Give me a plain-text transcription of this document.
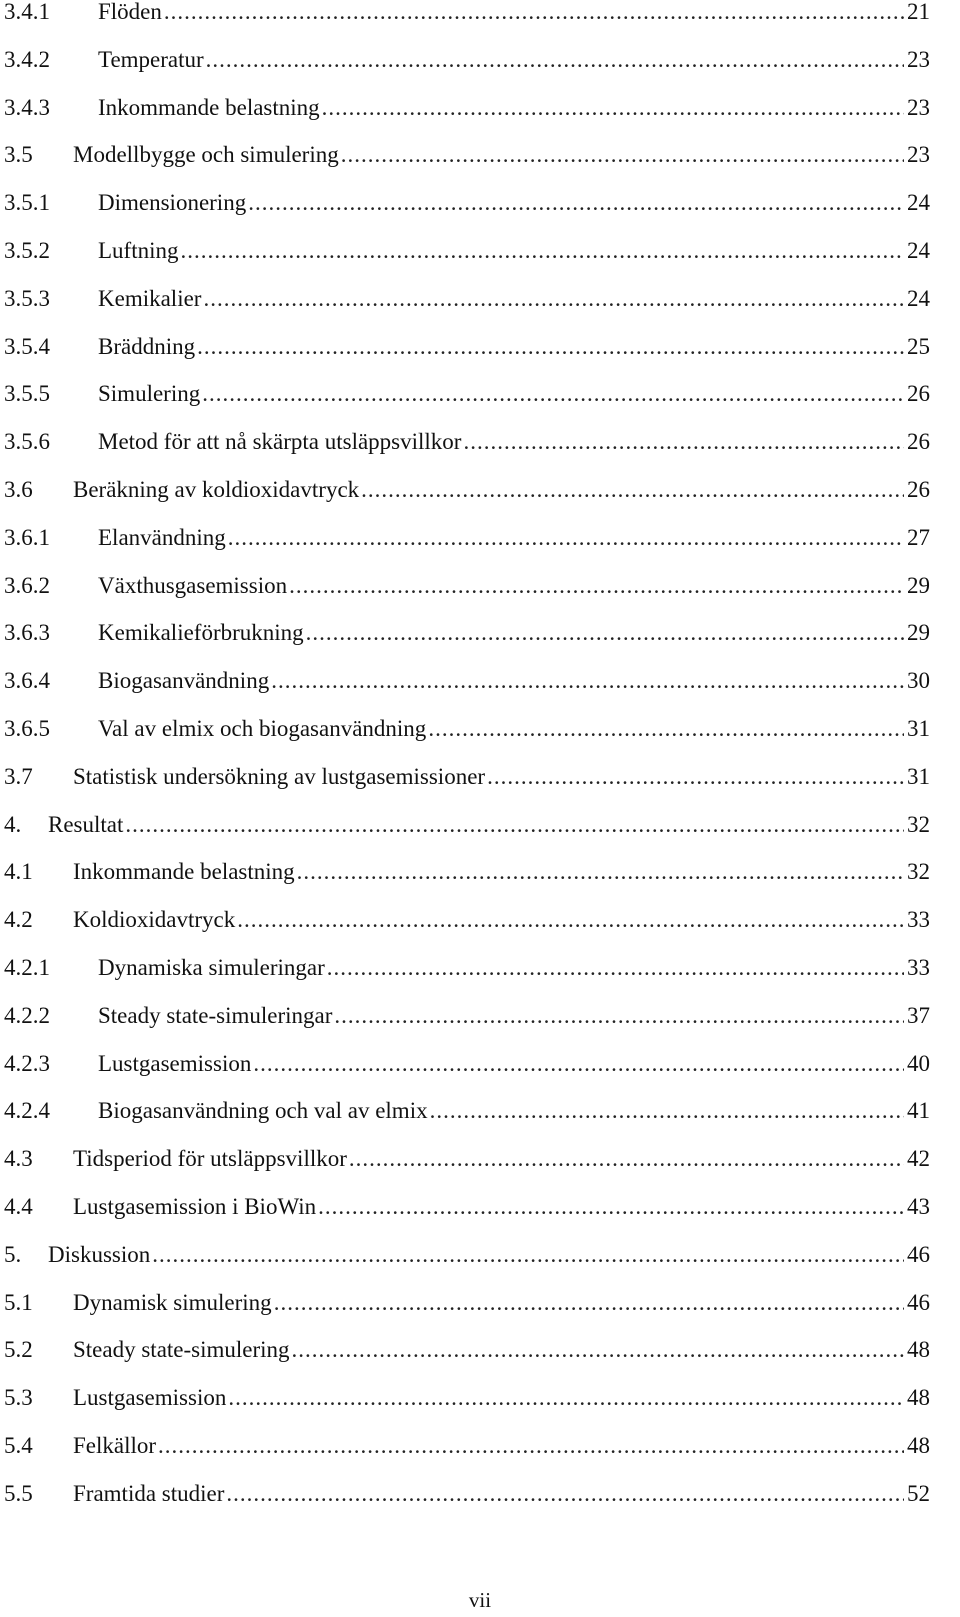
3.4.1	Flöden .....	21
3.4.2	Temperatur .....	23
3.4.3	Inkommande belastning .....	23
3.5	Modellbygge och simulering .....	23
3.5.1	Dimensionering .....	24
3.5.2	Luftning .....	24
3.5.3	Kemikalier .....	24
3.5.4	Bräddning .....	25
3.5.5	Simulering .....	26
3.5.6	Metod för att nå skärpta utsläppsvillkor .....	26
3.6	Beräkning av koldioxidavtryck .....	26
3.6.1	Elanvändning .....	27
3.6.2	Växthusgasemission .....	29
3.6.3	Kemikalieförbrukning .....	29
3.6.4	Biogasanvändning .....	30
3.6.5	Val av elmix och biogasanvändning .....	31
3.7	Statistisk undersökning av lustgasemissioner .....	31
4.	Resultat .....	32
4.1	Inkommande belastning .....	32
4.2	Koldioxidavtryck .....	33
4.2.1	Dynamiska simuleringar .....	33
4.2.2	Steady state-simuleringar .....	37
4.2.3	Lustgasemission .....	40
4.2.4	Biogasanvändning och val av elmix .....	41
4.3	Tidsperiod för utsläppsvillkor .....	42
4.4	Lustgasemission i BioWin .....	43
5.	Diskussion .....	46
5.1	Dynamisk simulering .....	46
5.2	Steady state-simulering .....	48
5.3	Lustgasemission .....	48
5.4	Felkällor .....	48
5.5	Framtida studier .....	52
vii
